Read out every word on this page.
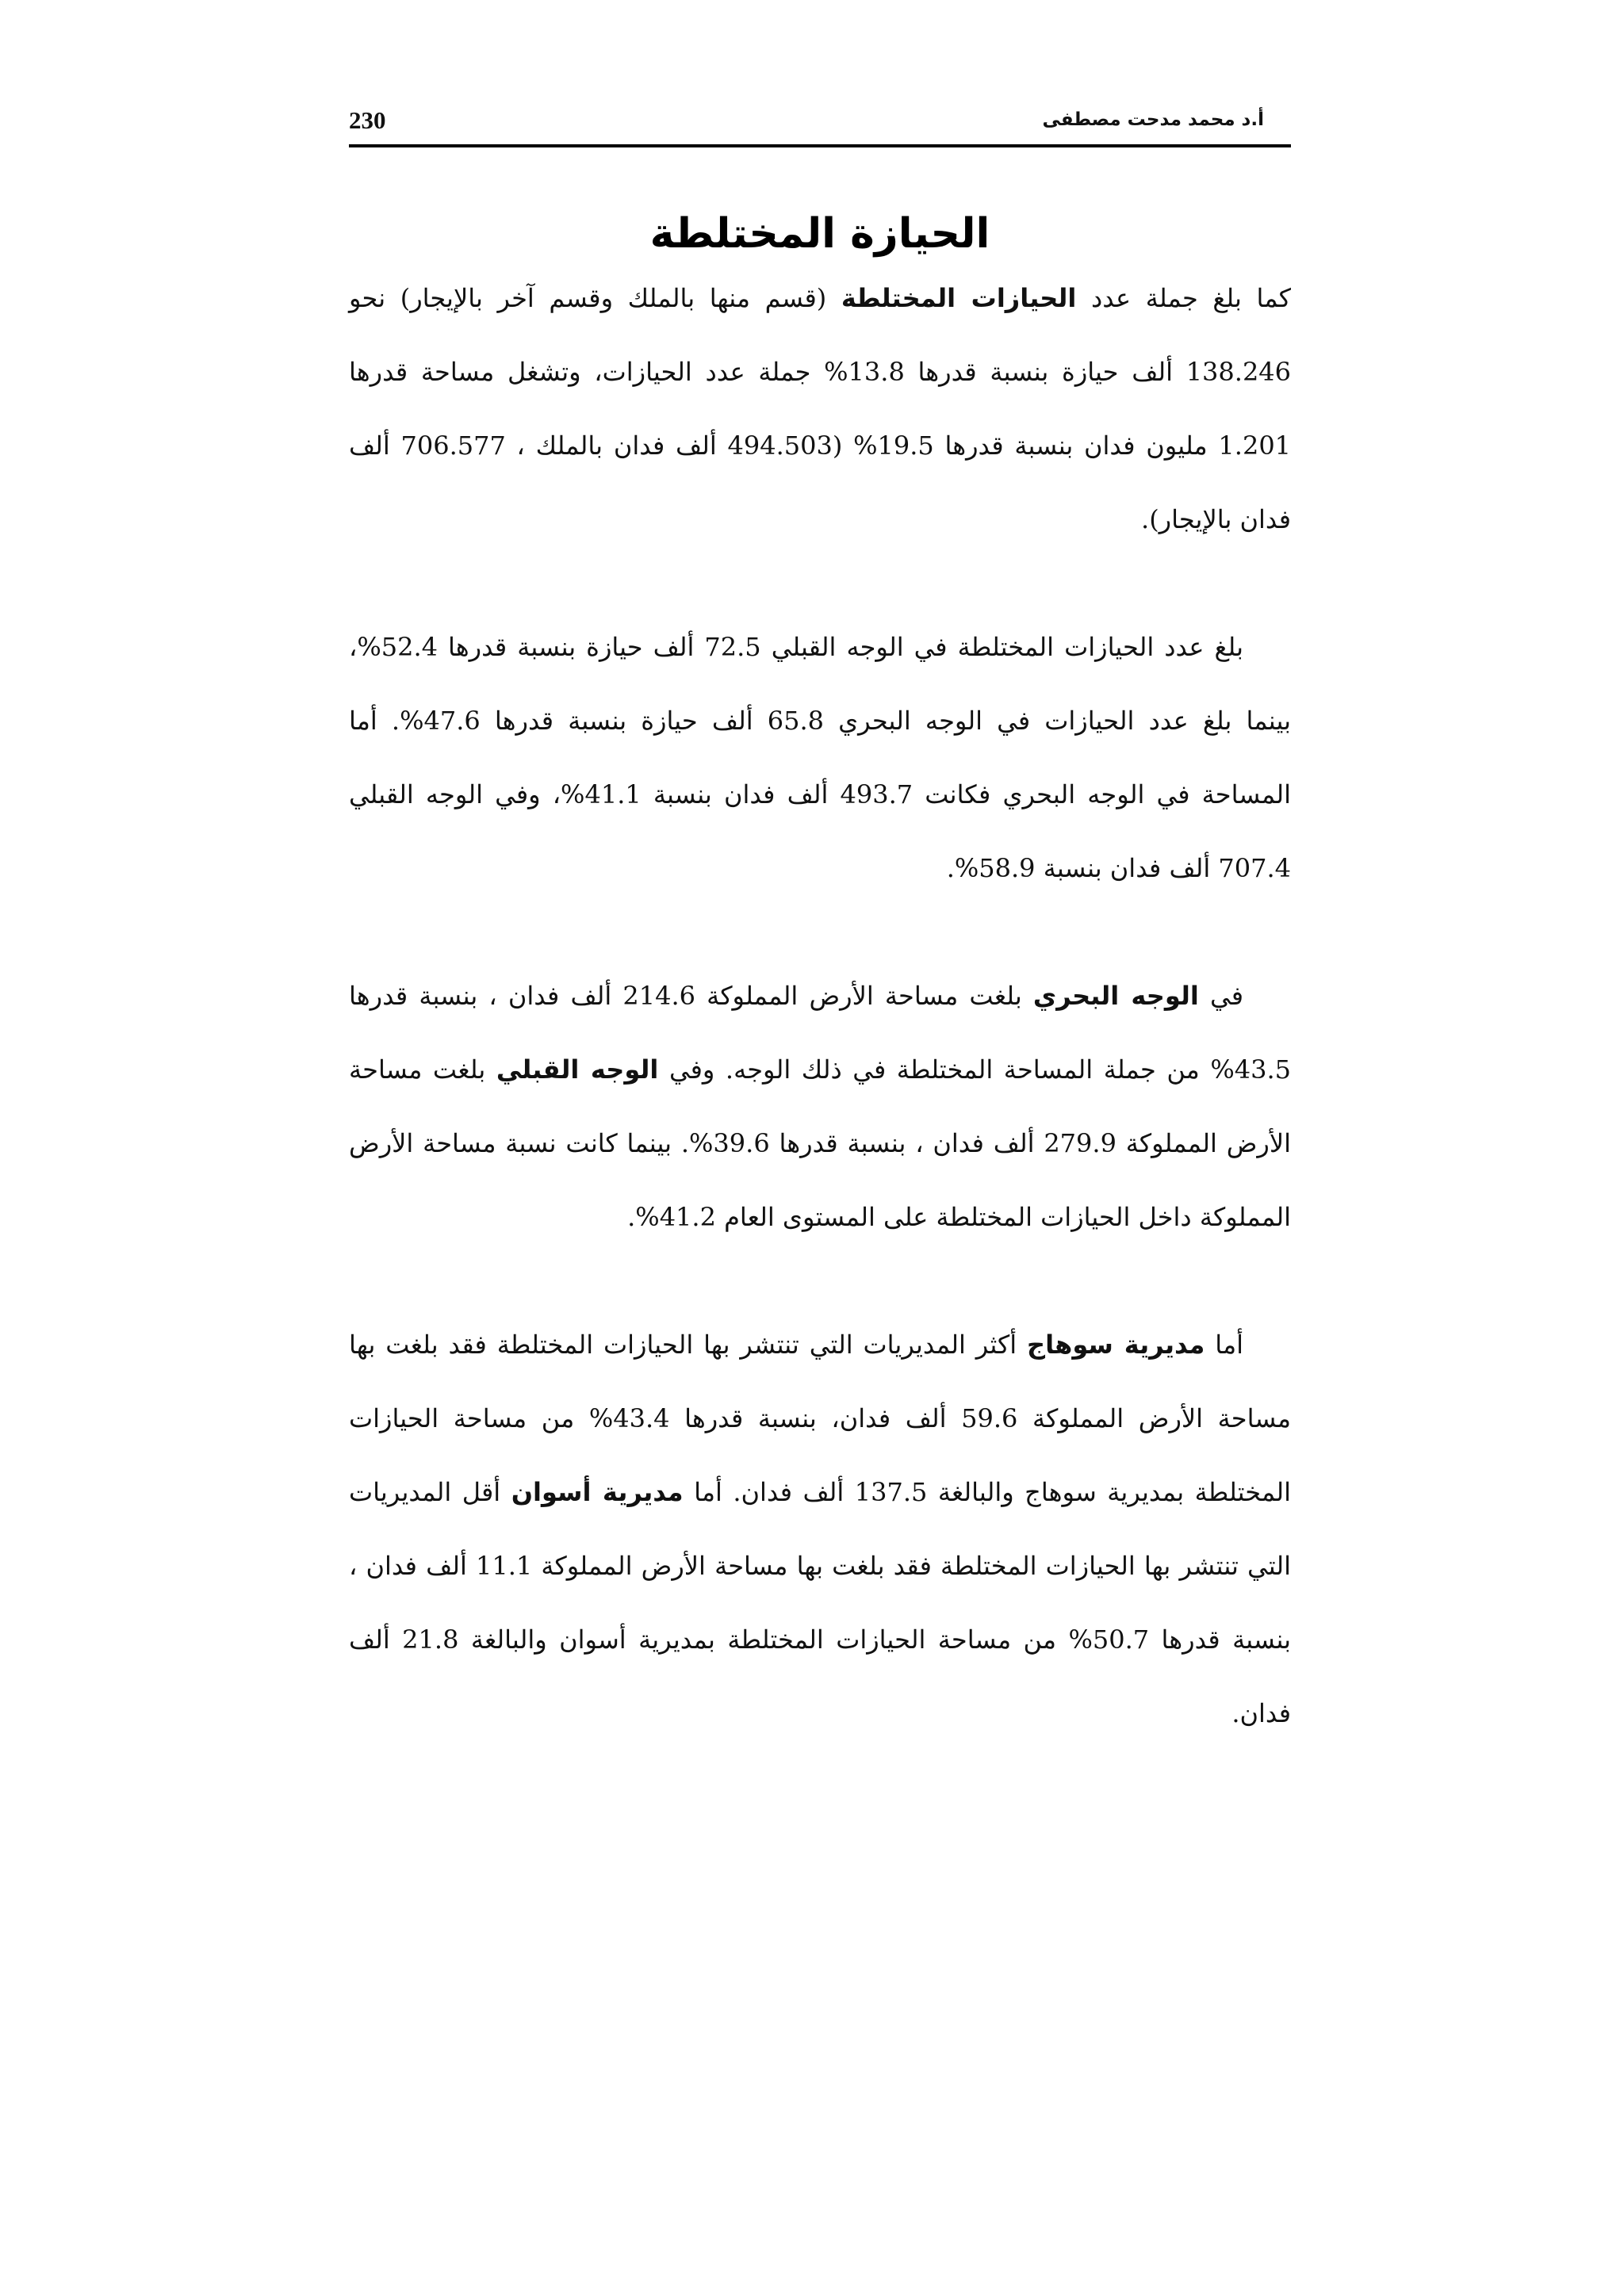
230	أ.د محمد مدحت مصطفى
الحيازة المختلطة

كما بلغ جملة عدد الحيازات المختلطة (قسم منها بالملك وقسم آخر بالإيجار) نحو 138.246 ألف حيازة بنسبة قدرها 13.8% جملة عدد الحيازات، وتشغل مساحة قدرها 1.201 مليون فدان بنسبة قدرها 19.5% (494.503 ألف فدان بالملك ، 706.577 ألف فدان بالإيجار).

بلغ عدد الحيازات المختلطة في الوجه القبلي 72.5 ألف حيازة بنسبة قدرها 52.4%، بينما بلغ عدد الحيازات في الوجه البحري 65.8 ألف حيازة بنسبة قدرها 47.6%. أما المساحة في الوجه البحري فكانت 493.7 ألف فدان بنسبة 41.1%، وفي الوجه القبلي 707.4 ألف فدان بنسبة 58.9%.

في الوجه البحري بلغت مساحة الأرض المملوكة 214.6 ألف فدان ، بنسبة قدرها 43.5% من جملة المساحة المختلطة في ذلك الوجه. وفي الوجه القبلي بلغت مساحة الأرض المملوكة 279.9 ألف فدان ، بنسبة قدرها 39.6%. بينما كانت نسبة مساحة الأرض المملوكة داخل الحيازات المختلطة على المستوى العام 41.2%.

أما مديرية سوهاج أكثر المديريات التي تنتشر بها الحيازات المختلطة فقد بلغت بها مساحة الأرض المملوكة 59.6 ألف فدان، بنسبة قدرها 43.4% من مساحة الحيازات المختلطة بمديرية سوهاج والبالغة 137.5 ألف فدان. أما مديرية أسوان أقل المديريات التي تنتشر بها الحيازات المختلطة فقد بلغت بها مساحة الأرض المملوكة 11.1 ألف فدان ، بنسبة قدرها 50.7% من مساحة الحيازات المختلطة بمديرية أسوان والبالغة 21.8 ألف فدان.
